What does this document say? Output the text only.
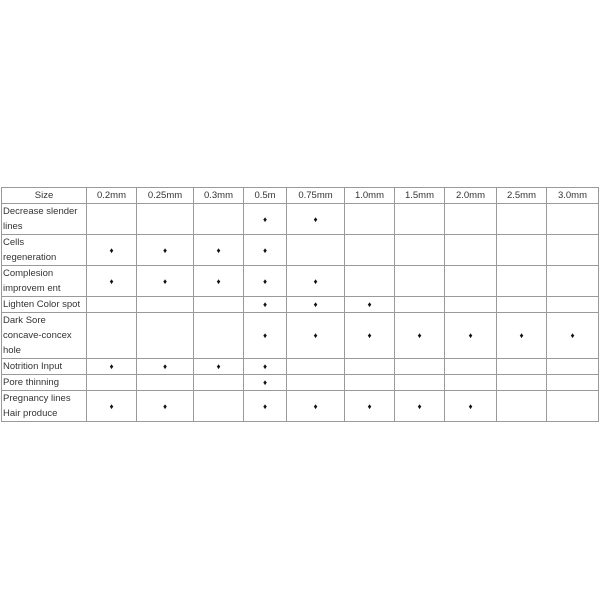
Size	0.2mm	0.25mm	0.3mm	0.5m	0.75mm	1.0mm	1.5mm	2.0mm	2.5mm	3.0mm
Decrease slender
lines				♦	♦					
Cells
regeneration	♦	♦	♦	♦						
Complesion
improvem ent	♦	♦	♦	♦	♦					
Lighten Color spot				♦	♦	♦				
Dark Sore
concave-concex
hole				♦	♦	♦	♦	♦	♦	♦
Notrition Input	♦	♦	♦	♦						
Pore thinning				♦						
Pregnancy lines
Hair produce	♦	♦		♦	♦	♦	♦	♦		
